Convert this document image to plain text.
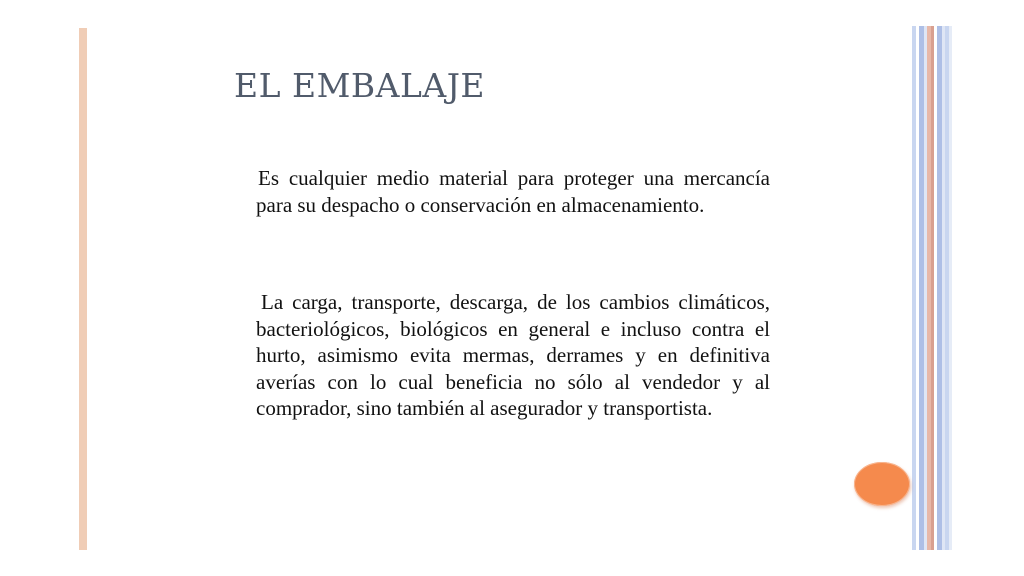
EL EMBALAJE

Es cualquier medio material para proteger una mercancía para su despacho o conservación en almacenamiento.

La carga, transporte, descarga, de los cambios climáticos, bacteriológicos, biológicos en general e incluso contra el hurto, asimismo evita mermas, derrames y en definitiva averías con lo cual beneficia no sólo al vendedor y al comprador, sino también al asegurador y transportista.
